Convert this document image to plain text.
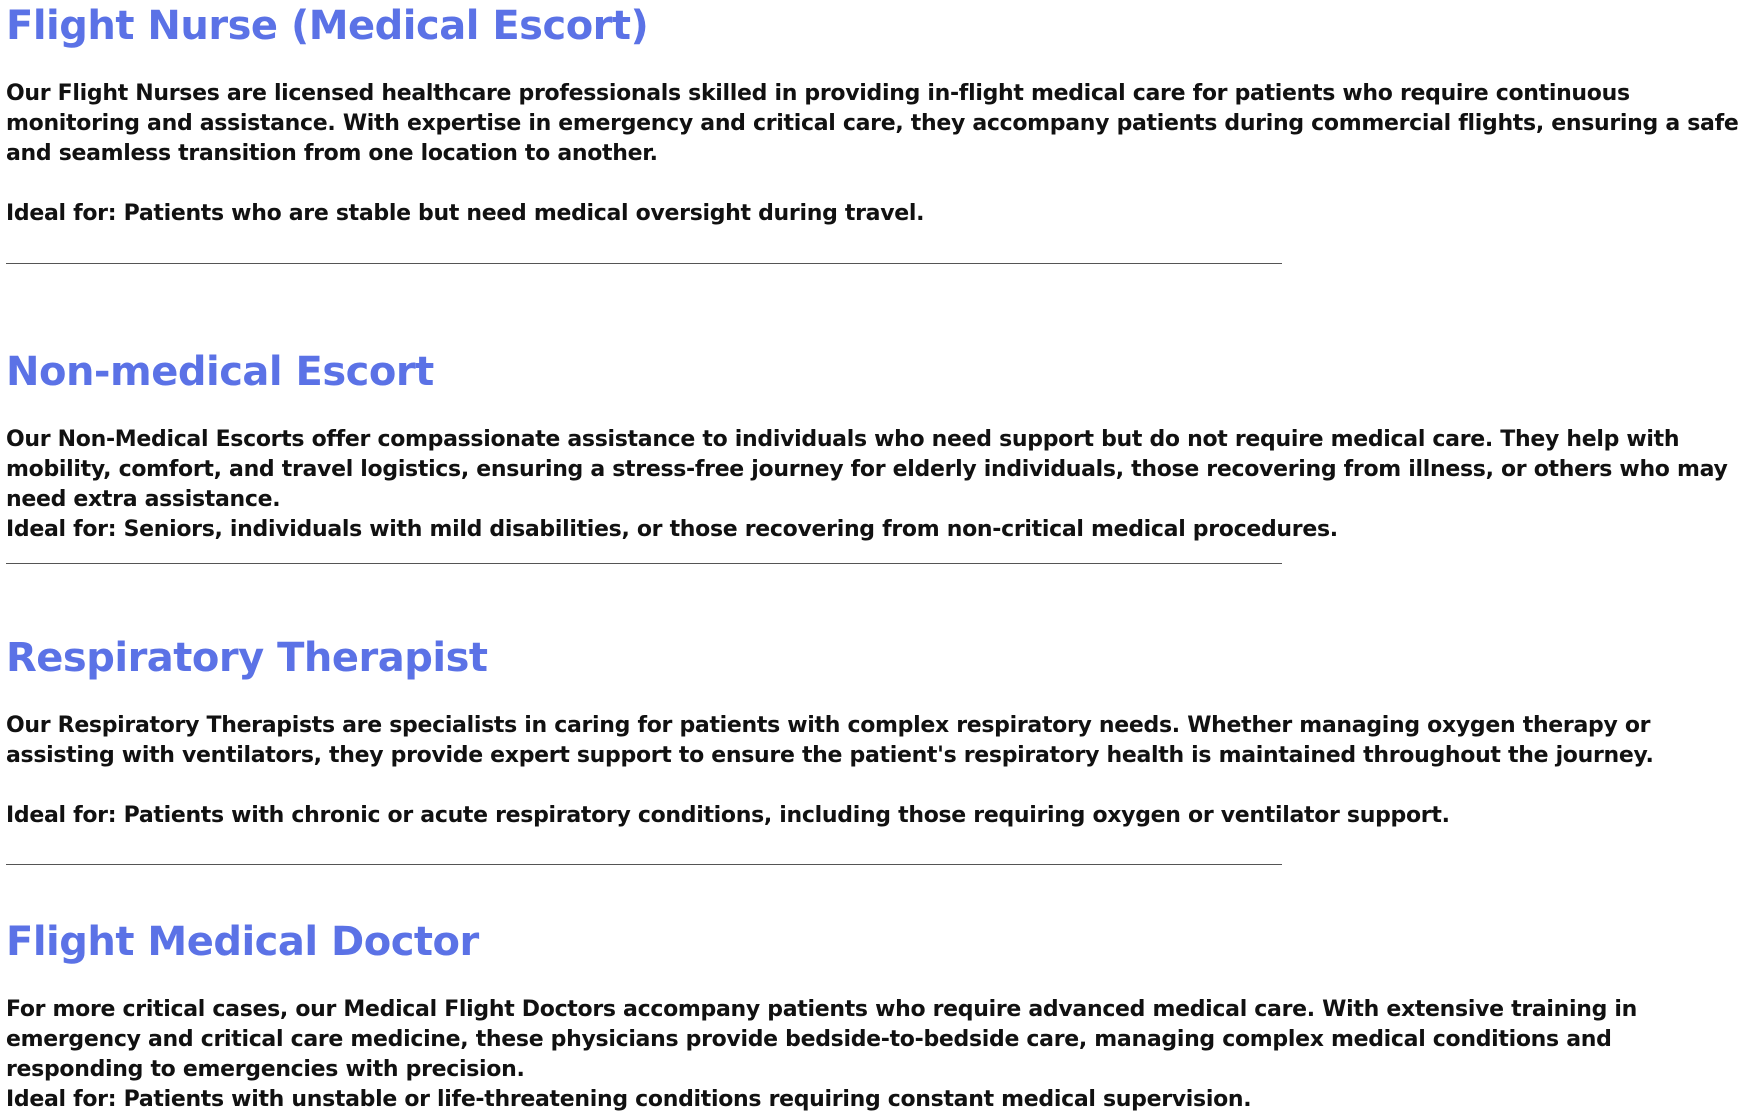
Flight Nurse (Medical Escort)

Our Flight Nurses are licensed healthcare professionals skilled in providing in-flight medical care for patients who require continuous monitoring and assistance. With expertise in emergency and critical care, they accompany patients during commercial flights, ensuring a safe and seamless transition from one location to another.

Ideal for: Patients who are stable but need medical oversight during travel.

Non-medical Escort

Our Non-Medical Escorts offer compassionate assistance to individuals who need support but do not require medical care. They help with mobility, comfort, and travel logistics, ensuring a stress-free journey for elderly individuals, those recovering from illness, or others who may need extra assistance.

Ideal for: Seniors, individuals with mild disabilities, or those recovering from non-critical medical procedures.

Respiratory Therapist

Our Respiratory Therapists are specialists in caring for patients with complex respiratory needs. Whether managing oxygen therapy or assisting with ventilators, they provide expert support to ensure the patient's respiratory health is maintained throughout the journey.

Ideal for: Patients with chronic or acute respiratory conditions, including those requiring oxygen or ventilator support.

Flight Medical Doctor

For more critical cases, our Medical Flight Doctors accompany patients who require advanced medical care. With extensive training in emergency and critical care medicine, these physicians provide bedside-to-bedside care, managing complex medical conditions and responding to emergencies with precision.

Ideal for: Patients with unstable or life-threatening conditions requiring constant medical supervision.
